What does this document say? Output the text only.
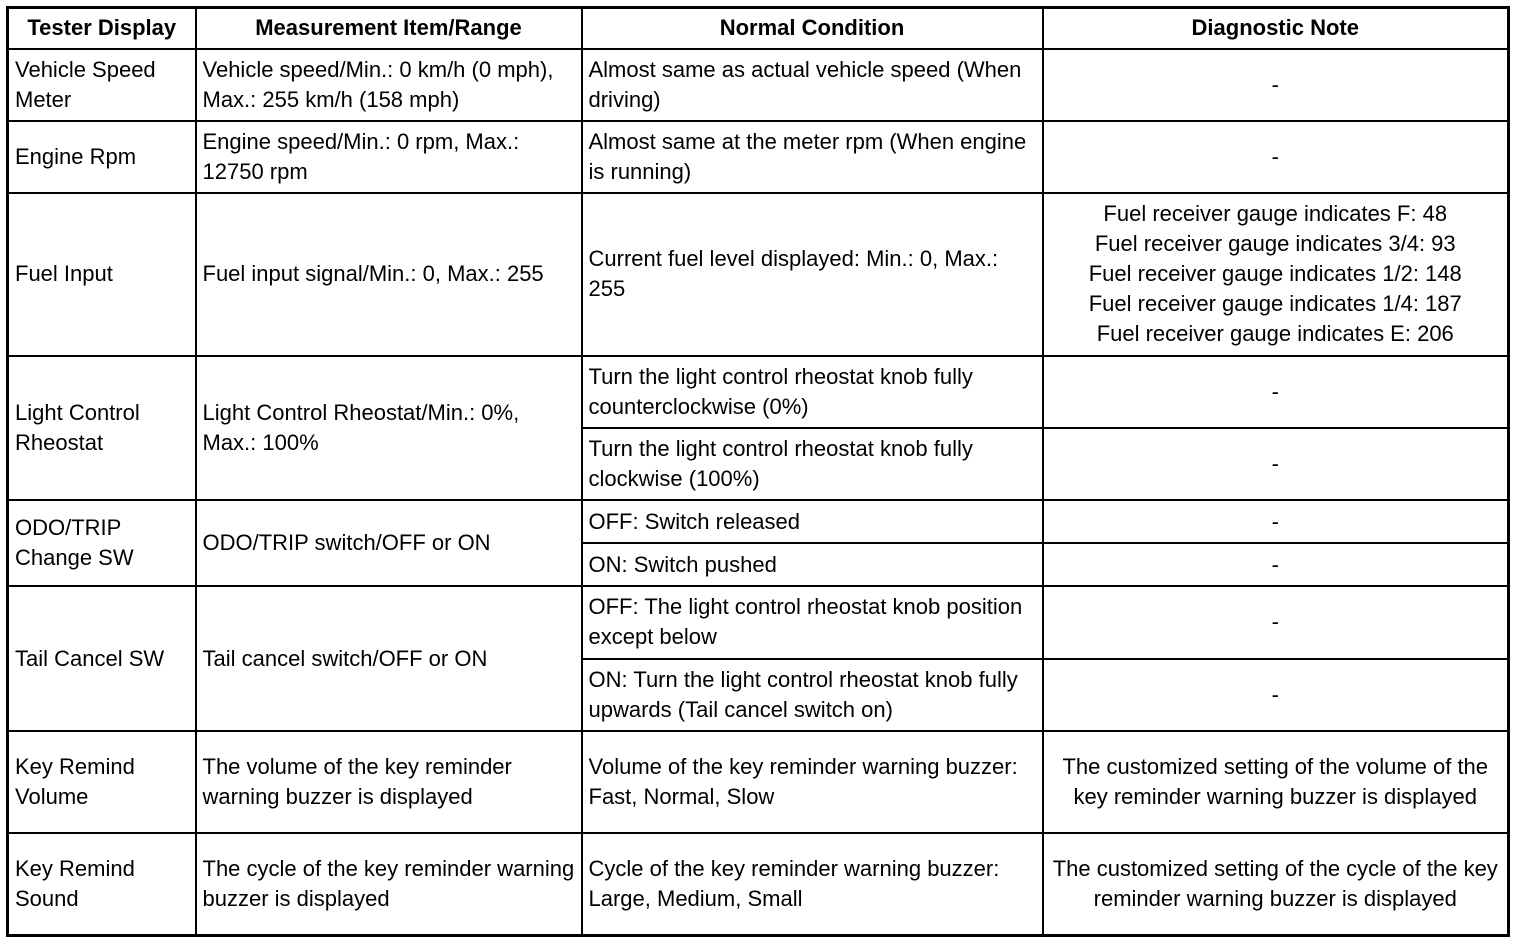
Tester Display	Measurement Item/Range	Normal Condition	Diagnostic Note
Vehicle Speed Meter	Vehicle speed/Min.: 0 km/h (0 mph), Max.: 255 km/h (158 mph)	Almost same as actual vehicle speed (When driving)	-
Engine Rpm	Engine speed/Min.: 0 rpm, Max.: 12750 rpm	Almost same at the meter rpm (When engine is running)	-
Fuel Input	Fuel input signal/Min.: 0, Max.: 255	Current fuel level displayed: Min.: 0, Max.: 255	Fuel receiver gauge indicates F: 48
Fuel receiver gauge indicates 3/4: 93
Fuel receiver gauge indicates 1/2: 148
Fuel receiver gauge indicates 1/4: 187
Fuel receiver gauge indicates E: 206

Light Control Rheostat	Light Control Rheostat/Min.: 0%, Max.: 100%	Turn the light control rheostat knob fully counterclockwise (0%)	-
		Turn the light control rheostat knob fully clockwise (100%)	-
ODO/TRIP Change SW	ODO/TRIP switch/OFF or ON	OFF: Switch released	-
		ON: Switch pushed	-
Tail Cancel SW	Tail cancel switch/OFF or ON	OFF: The light control rheostat knob position except below	-
		ON: Turn the light control rheostat knob fully upwards (Tail cancel switch on)	-
Key Remind Volume	The volume of the key reminder warning buzzer is displayed	Volume of the key reminder warning buzzer: Fast, Normal, Slow	The customized setting of the volume of the key reminder warning buzzer is displayed
Key Remind Sound	The cycle of the key reminder warning buzzer is displayed	Cycle of the key reminder warning buzzer: Large, Medium, Small	The customized setting of the cycle of the key reminder warning buzzer is displayed
